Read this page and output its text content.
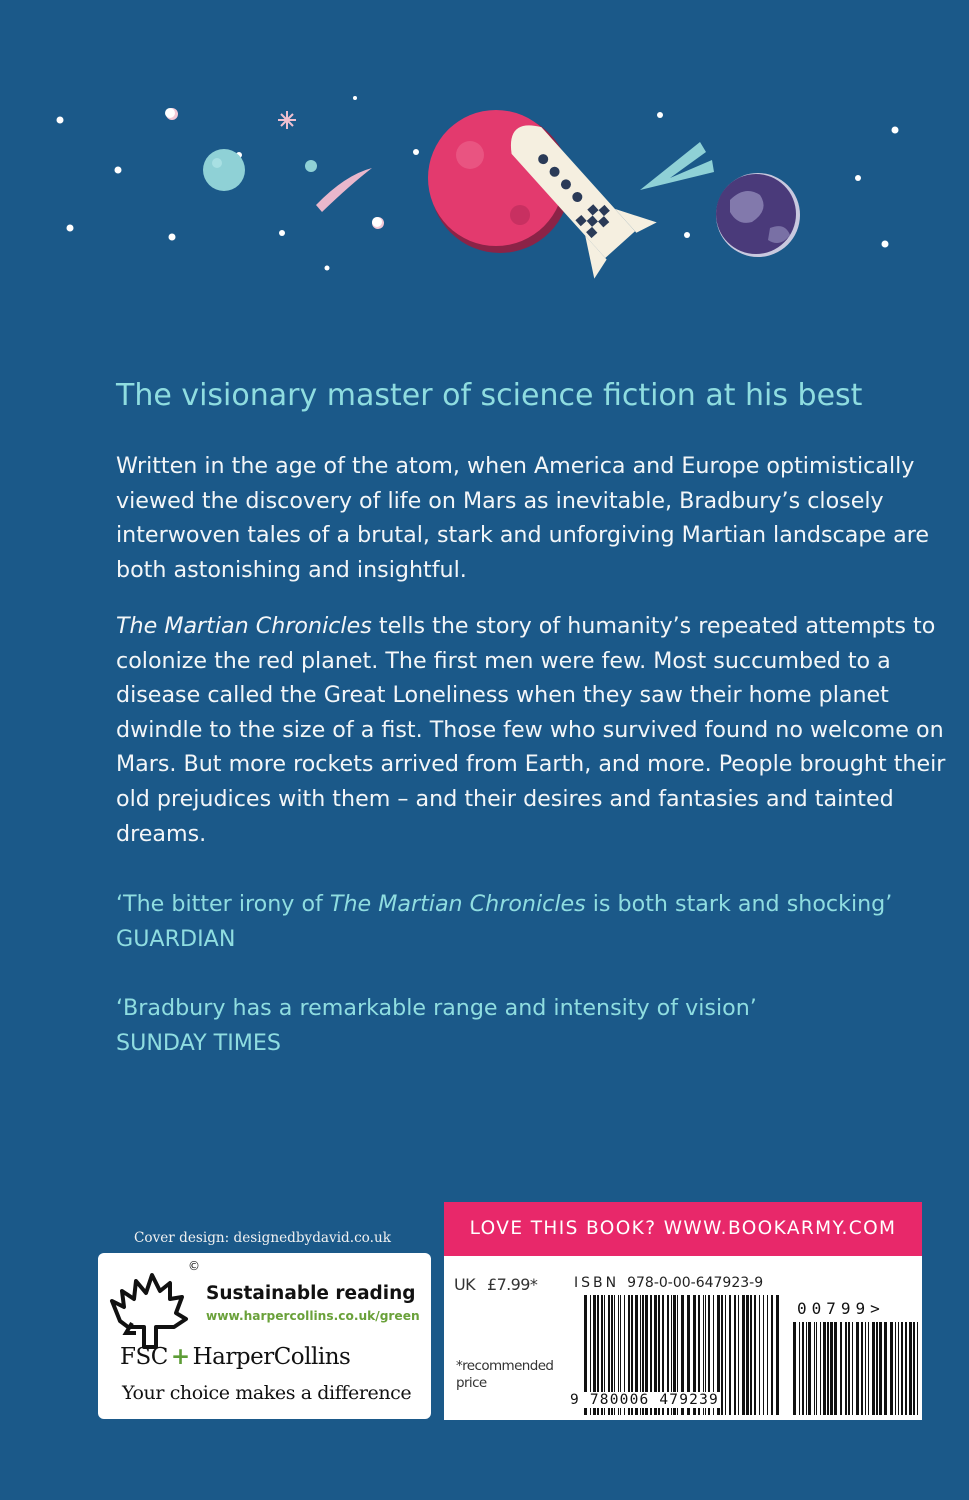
The visionary master of science fiction at his best

Written in the age of the atom, when America and Europe optimistically viewed the discovery of life on Mars as inevitable, Bradbury’s closely interwoven tales of a brutal, stark and unforgiving Martian landscape are both astonishing and insightful.

The Martian Chronicles tells the story of humanity’s repeated attempts to colonize the red planet. The first men were few. Most succumbed to a disease called the Great Loneliness when they saw their home planet dwindle to the size of a fist. Those few who survived found no welcome on Mars. But more rockets arrived from Earth, and more. People brought their old prejudices with them – and their desires and fantasies and tainted dreams.

‘The bitter irony of The Martian Chronicles is both stark and shocking’
GUARDIAN

‘Bradbury has a remarkable range and intensity of vision’
SUNDAY TIMES

Cover design: designedbydavid.co.uk
©
Sustainable reading
www.harpercollins.co.uk/green
FSC + HarperCollins
Your choice makes a difference
LOVE THIS BOOK? WWW.BOOKARMY.COM
UK £7.99*	ISBN 978-0-00-647923-9
*recommended price
9 780006 479239
00799>
